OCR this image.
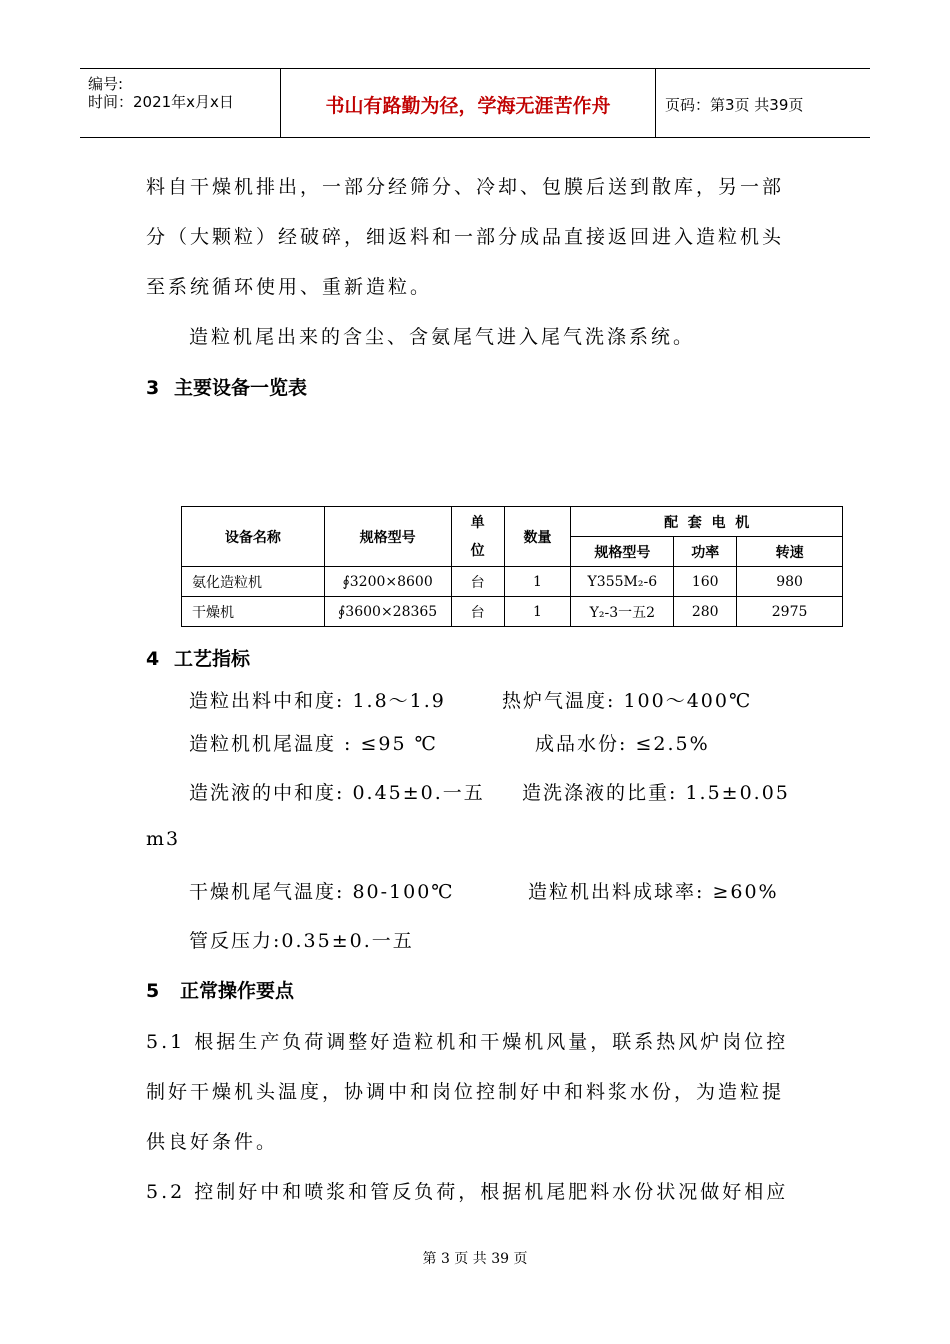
编号:
时间：2021年x月x日	书山有路勤为径，学海无涯苦作舟	页码：第3页 共39页
料自干燥机排出，一部分经筛分、冷却、包膜后送到散库，另一部
分（大颗粒）经破碎，细返料和一部分成品直接返回进入造粒机头
至系统循环使用、重新造粒。
造粒机尾出来的含尘、含氨尾气进入尾气洗涤系统。
3 主要设备一览表
设备名称	规格型号	单位	数量	配  套  电  机		
				规格型号	功率	转速
氨化造粒机	∮3200×8600	台	1	Y355M₂-6	160	980
干燥机	∮3600×28365	台	1	Y₂-3一五2	280	2975
4 工艺指标
造粒出料中和度: 1.8～1.9	热炉气温度: 100～400℃
造粒机机尾温度 : ≤95 ℃	成品水份: ≤2.5%
造洗液的中和度: 0.45±0.一五 造洗涤液的比重: 1.5±0.05
m3
干燥机尾气温度: 80-100℃	造粒机出料成球率: ≥60%
管反压力:0.35±0.一五
5 正常操作要点
5.1 根据生产负荷调整好造粒机和干燥机风量，联系热风炉岗位控
制好干燥机头温度，协调中和岗位控制好中和料浆水份，为造粒提
供良好条件。
5.2 控制好中和喷浆和管反负荷，根据机尾肥料水份状况做好相应
第 3 页 共 39 页
